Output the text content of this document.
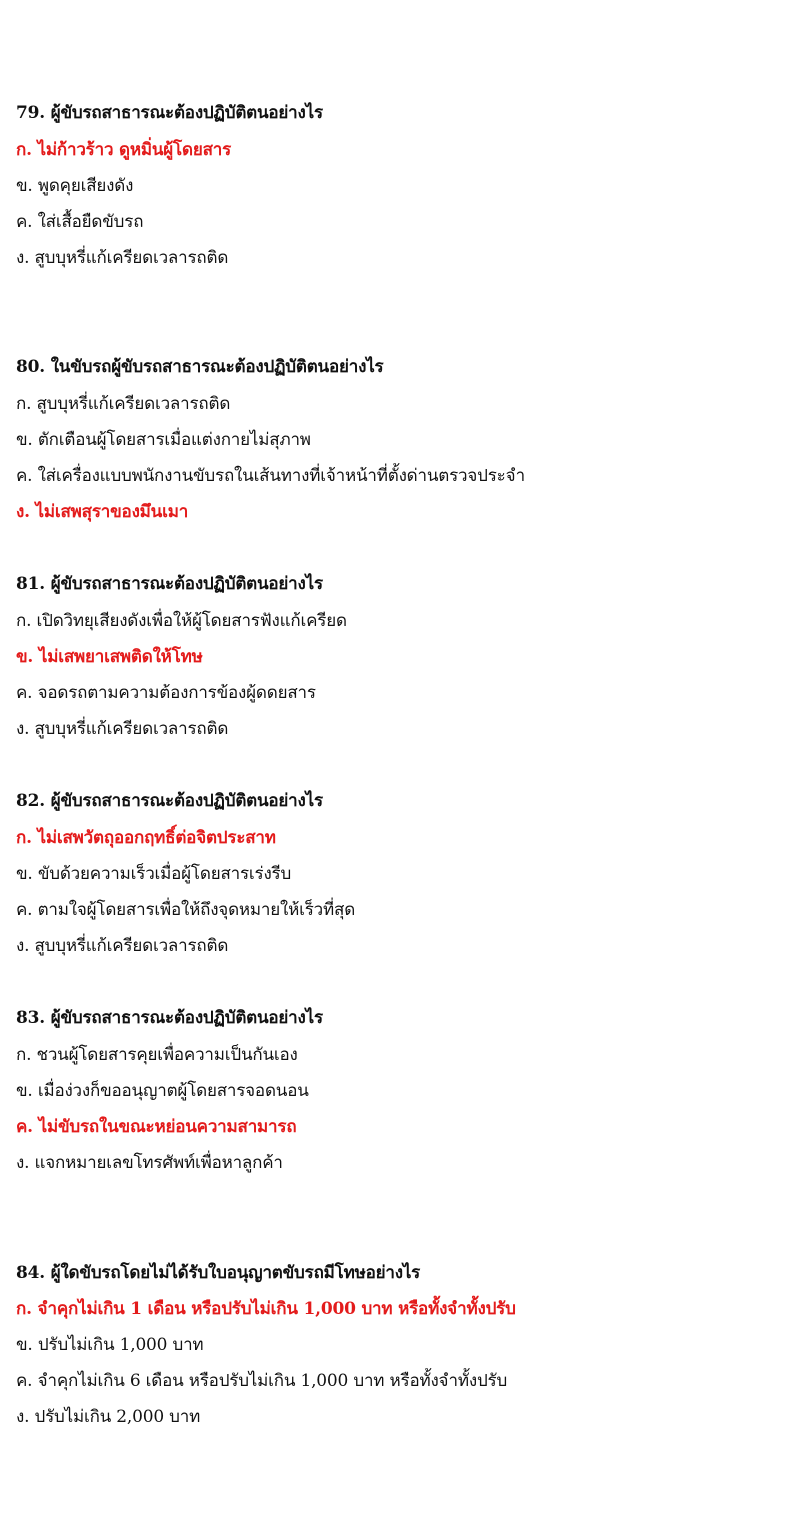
79. ผู้ขับรถสาธารณะต้องปฏิบัติตนอย่างไร
ก. ไม่ก้าวร้าว ดูหมิ่นผู้โดยสาร
ข. พูดคุยเสียงดัง
ค. ใส่เสื้อยืดขับรถ
ง. สูบบุหรี่แก้เครียดเวลารถติด
80. ในขับรถผู้ขับรถสาธารณะต้องปฏิบัติตนอย่างไร
ก. สูบบุหรี่แก้เครียดเวลารถติด
ข. ตักเตือนผู้โดยสารเมื่อแต่งกายไม่สุภาพ
ค. ใส่เครื่องแบบพนักงานขับรถในเส้นทางที่เจ้าหน้าที่ตั้งด่านตรวจประจำ
ง. ไม่เสพสุราของมึนเมา
81. ผู้ขับรถสาธารณะต้องปฏิบัติตนอย่างไร
ก. เปิดวิทยุเสียงดังเพื่อให้ผู้โดยสารฟังแก้เครียด
ข. ไม่เสพยาเสพติดให้โทษ
ค. จอดรถตามความต้องการข้องผู้ดดยสาร
ง. สูบบุหรี่แก้เครียดเวลารถติด
82. ผู้ขับรถสาธารณะต้องปฏิบัติตนอย่างไร
ก. ไม่เสพวัตถุออกฤทธิ์ต่อจิตประสาท
ข. ขับด้วยความเร็วเมื่อผู้โดยสารเร่งรีบ
ค. ตามใจผู้โดยสารเพื่อให้ถึงจุดหมายให้เร็วที่สุด
ง. สูบบุหรี่แก้เครียดเวลารถติด
83. ผู้ขับรถสาธารณะต้องปฏิบัติตนอย่างไร
ก. ชวนผู้โดยสารคุยเพื่อความเป็นกันเอง
ข. เมื่อง่วงก็ขออนุญาตผู้โดยสารจอดนอน
ค. ไม่ขับรถในขณะหย่อนความสามารถ
ง. แจกหมายเลขโทรศัพท์เพื่อหาลูกค้า
84. ผู้ใดขับรถโดยไม่ได้รับใบอนุญาตขับรถมีโทษอย่างไร
ก. จำคุกไม่เกิน 1 เดือน หรือปรับไม่เกิน 1,000 บาท หรือทั้งจำทั้งปรับ
ข. ปรับไม่เกิน 1,000 บาท
ค. จำคุกไม่เกิน 6 เดือน หรือปรับไม่เกิน 1,000 บาท หรือทั้งจำทั้งปรับ
ง. ปรับไม่เกิน 2,000 บาท
